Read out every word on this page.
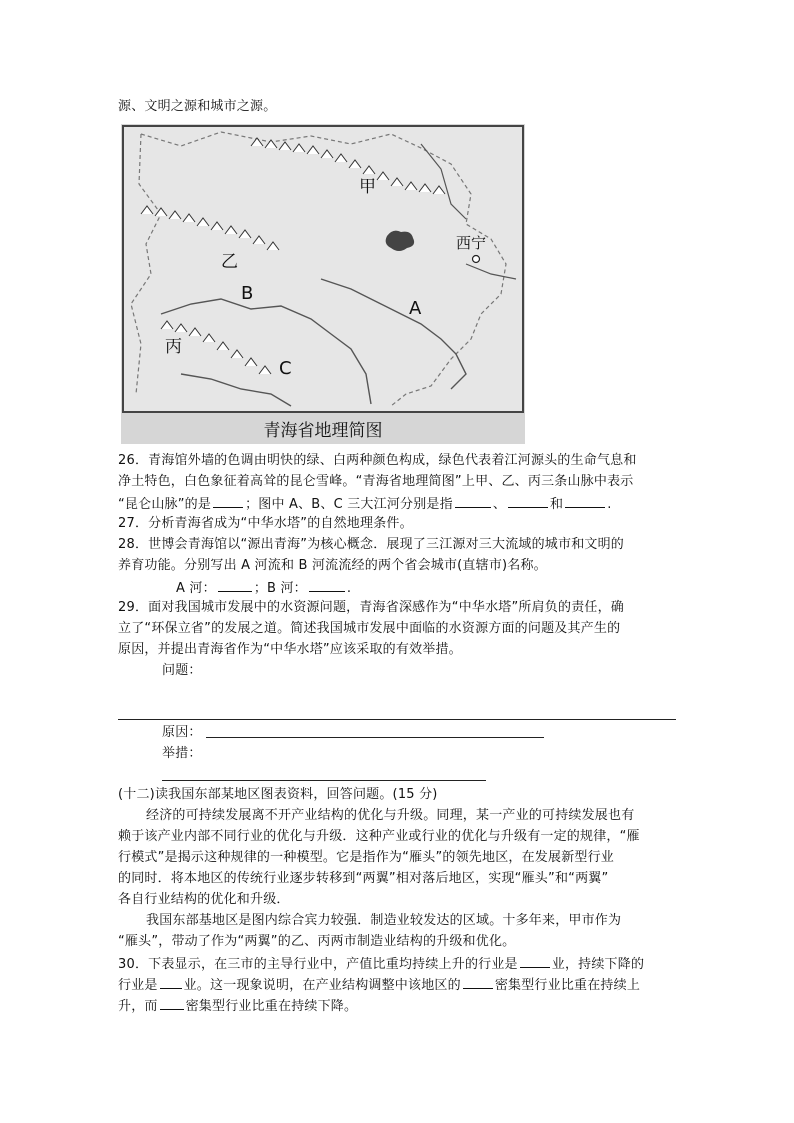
源、文明之源和城市之源。
甲
乙
丙
A
B
C
西宁
青海省地理简图
26．青海馆外墙的色调由明快的绿、白两种颜色构成，绿色代表着江河源头的生命气息和
净土特色，白色象征着高耸的昆仑雪峰。“青海省地理简图”上甲、乙、丙三条山脉中表示
“昆仑山脉”的是	；图中 A、B、C 三大江河分别是指	、	和	.
27．分析青海省成为“中华水塔”的自然地理条件。
28．世博会青海馆以“源出青海”为核心概念．展现了三江源对三大流域的城市和文明的
养育功能。分别写出 A 河流和 B 河流流经的两个省会城市(直辖市)名称。
A 河：	；B 河：	.
29．面对我国城市发展中的水资源问题，青海省深感作为“中华水塔”所肩负的责任，确
立了“环保立省”的发展之道。简述我国城市发展中面临的水资源方面的问题及其产生的
原因，并提出青海省作为“中华水塔”应该采取的有效举措。
问题：
原因：
举措：
(十二)读我国东部某地区图表资料，回答问题。(15 分)
经济的可持续发展离不开产业结构的优化与升级。同理，某一产业的可持续发展也有
赖于该产业内部不同行业的优化与升级．这种产业或行业的优化与升级有一定的规律，“雁
行模式”是揭示这种规律的一种模型。它是指作为“雁头”的领先地区，在发展新型行业
的同时．将本地区的传统行业逐步转移到“两翼”相对落后地区，实现“雁头”和“两翼”
各自行业结构的优化和升级．
我国东部基地区是图内综合宾力较强．制造业较发达的区域。十多年来，甲市作为
“雁头”，带动了作为“两翼”的乙、丙两市制造业结构的升级和优化。
30．下表显示，在三市的主导行业中，产值比重均持续上升的行业是	业，持续下降的
行业是 业。这一现象说明，在产业结构调整中该地区的	密集型行业比重在持续上
升，而 密集型行业比重在持续下降。
